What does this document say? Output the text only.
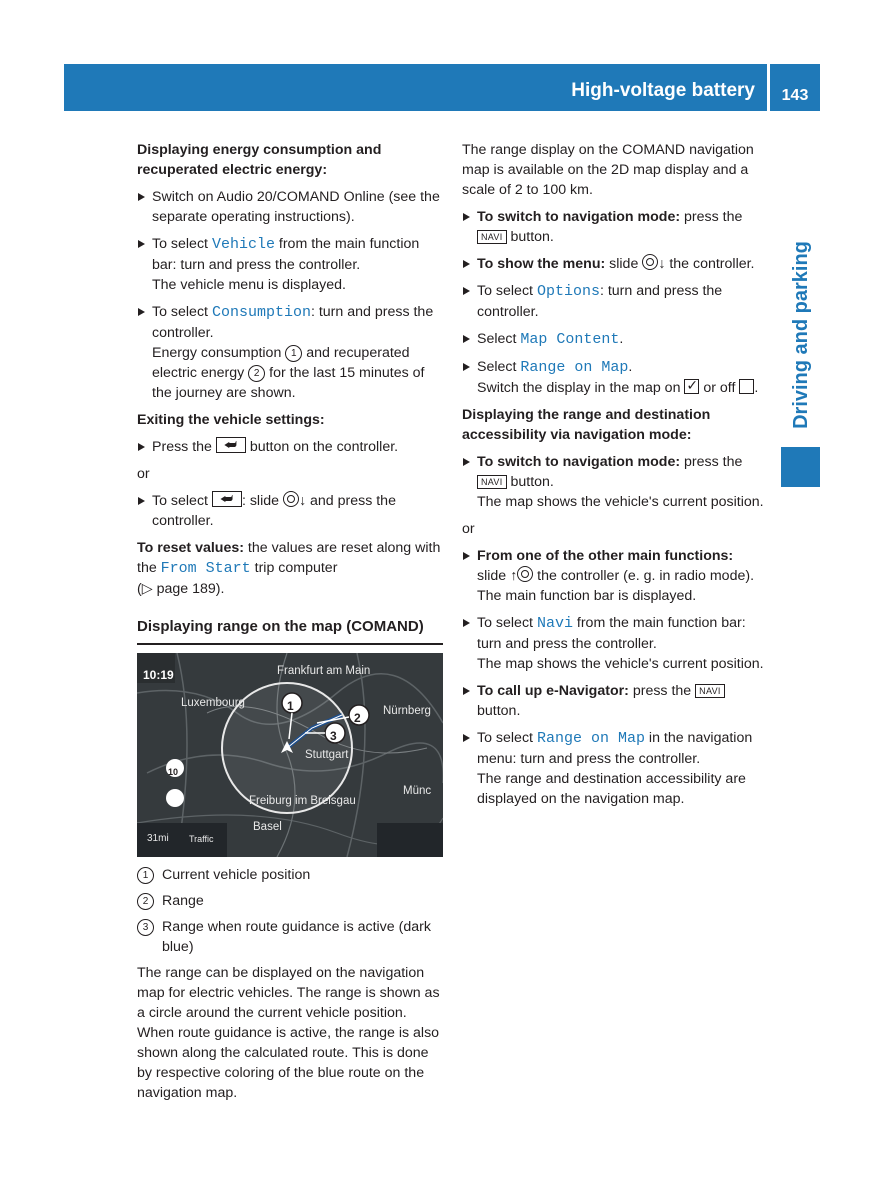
High-voltage battery	143
Driving and parking
Displaying energy consumption and recuperated electric energy:
Switch on Audio 20/COMAND Online (see the separate operating instructions).
To select Vehicle from the main function bar: turn and press the controller.
The vehicle menu is displayed.
To select Consumption: turn and press the controller.
Energy consumption 1 and recuperated electric energy 2 for the last 15 minutes of the journey are shown.
Exiting the vehicle settings:
Press the ⮨ button on the controller.

or

To select ⮨: slide ↓ and press the controller.

To reset values: the values are reset along with the From Start trip computer
(▷ page 189).

Displaying range on the map (COMAND)
10:19	Frankfurt am Main
Luxembourg
Nürnberg
Stuttgart
Freiburg im Breisgau
Münc
Basel
31mi Traffic
1
2
3
10
1 Current vehicle position
2 Range
3 Range when route guidance is active (dark blue)

The range can be displayed on the navigation map for electric vehicles. The range is shown as a circle around the current vehicle position. When route guidance is active, the range is also shown along the calculated route. This is done by respective coloring of the blue route on the navigation map.

The range display on the COMAND navigation map is available on the 2D map display and a scale of 2 to 100 km.

To switch to navigation mode: press the NAVI button.
To show the menu: slide ↓ the controller.
To select Options: turn and press the controller.
Select Map Content.
Select Range on Map.
Switch the display in the map on ✓ or off .
Displaying the range and destination accessibility via navigation mode:
To switch to navigation mode: press the NAVI button.
The map shows the vehicle's current position.

or

From one of the other main functions:
slide ↑ the controller (e. g. in radio mode).
The main function bar is displayed.
To select Navi from the main function bar: turn and press the controller.
The map shows the vehicle's current position.
To call up e-Navigator: press the NAVI
button.
To select Range on Map in the navigation menu: turn and press the controller.
The range and destination accessibility are displayed on the navigation map.
